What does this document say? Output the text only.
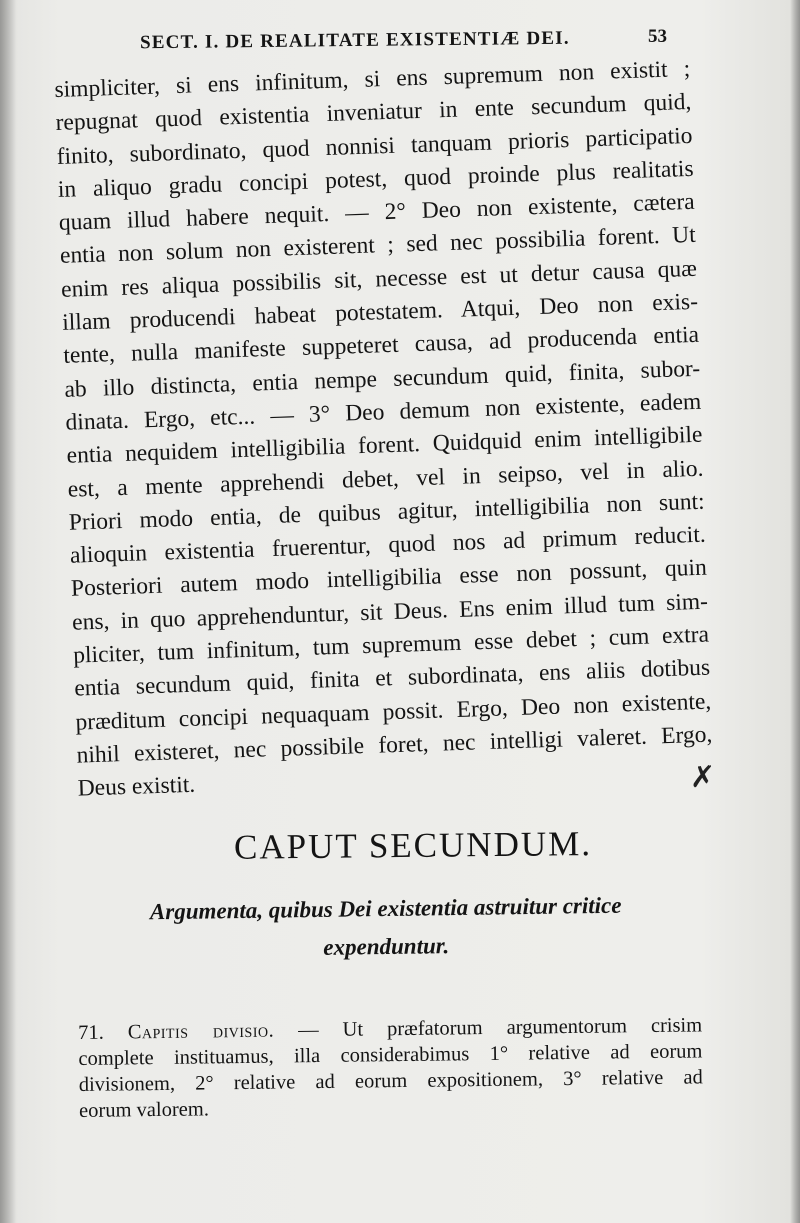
SECT. I. DE REALITATE EXISTENTIÆ DEI.	53
simpliciter, si ens infinitum, si ens supremum non existit ;
repugnat quod existentia inveniatur in ente secundum quid,
finito, subordinato, quod nonnisi tanquam prioris participatio
in aliquo gradu concipi potest, quod proinde plus realitatis
quam illud habere nequit. — 2° Deo non existente, cætera
entia non solum non existerent ; sed nec possibilia forent. Ut
enim res aliqua possibilis sit, necesse est ut detur causa quæ
illam producendi habeat potestatem. Atqui, Deo non exis-
tente, nulla manifeste suppeteret causa, ad producenda entia
ab illo distincta, entia nempe secundum quid, finita, subor-
dinata. Ergo, etc... — 3° Deo demum non existente, eadem
entia nequidem intelligibilia forent. Quidquid enim intelligibile
est, a mente apprehendi debet, vel in seipso, vel in alio.
Priori modo entia, de quibus agitur, intelligibilia non sunt:
alioquin existentia fruerentur, quod nos ad primum reducit.
Posteriori autem modo intelligibilia esse non possunt, quin
ens, in quo apprehenduntur, sit Deus. Ens enim illud tum sim-
pliciter, tum infinitum, tum supremum esse debet ; cum extra
entia secundum quid, finita et subordinata, ens aliis dotibus
præditum concipi nequaquam possit. Ergo, Deo non existente,
nihil existeret, nec possibile foret, nec intelligi valeret. Ergo,
Deus existit.	✗
CAPUT SECUNDUM.
Argumenta, quibus Dei existentia astruitur critice
expenduntur.
71. Capitis divisio. — Ut præfatorum argumentorum crisim
complete instituamus, illa considerabimus 1° relative ad eorum
divisionem, 2° relative ad eorum expositionem, 3° relative ad
eorum valorem.
